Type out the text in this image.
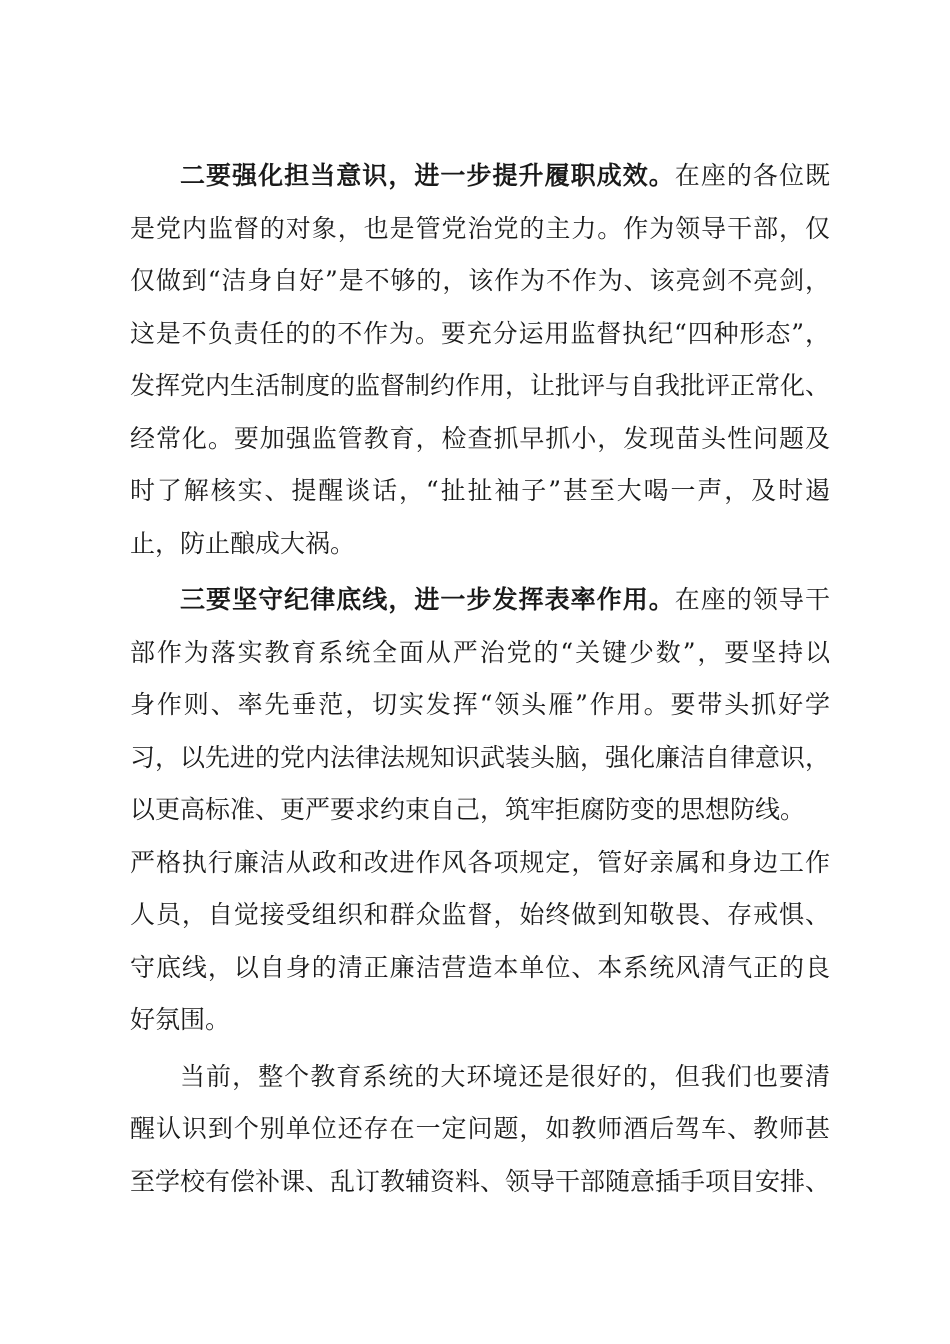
二要强化担当意识，进一步提升履职成效。在座的各位既
是党内监督的对象，也是管党治党的主力。作为领导干部，仅
仅做到“洁身自好”是不够的，该作为不作为、该亮剑不亮剑，
这是不负责任的的不作为。要充分运用监督执纪“四种形态”，
发挥党内生活制度的监督制约作用，让批评与自我批评正常化、
经常化。要加强监管教育，检查抓早抓小，发现苗头性问题及
时了解核实、提醒谈话，“扯扯袖子”甚至大喝一声，及时遏
止，防止酿成大祸。
三要坚守纪律底线，进一步发挥表率作用。在座的领导干
部作为落实教育系统全面从严治党的“关键少数”，要坚持以
身作则、率先垂范，切实发挥“领头雁”作用。要带头抓好学
习，以先进的党内法律法规知识武装头脑，强化廉洁自律意识，
以更高标准、更严要求约束自己，筑牢拒腐防变的思想防线。
严格执行廉洁从政和改进作风各项规定，管好亲属和身边工作
人员，自觉接受组织和群众监督，始终做到知敬畏、存戒惧、
守底线，以自身的清正廉洁营造本单位、本系统风清气正的良
好氛围。
当前，整个教育系统的大环境还是很好的，但我们也要清
醒认识到个别单位还存在一定问题，如教师酒后驾车、教师甚
至学校有偿补课、乱订教辅资料、领导干部随意插手项目安排、
